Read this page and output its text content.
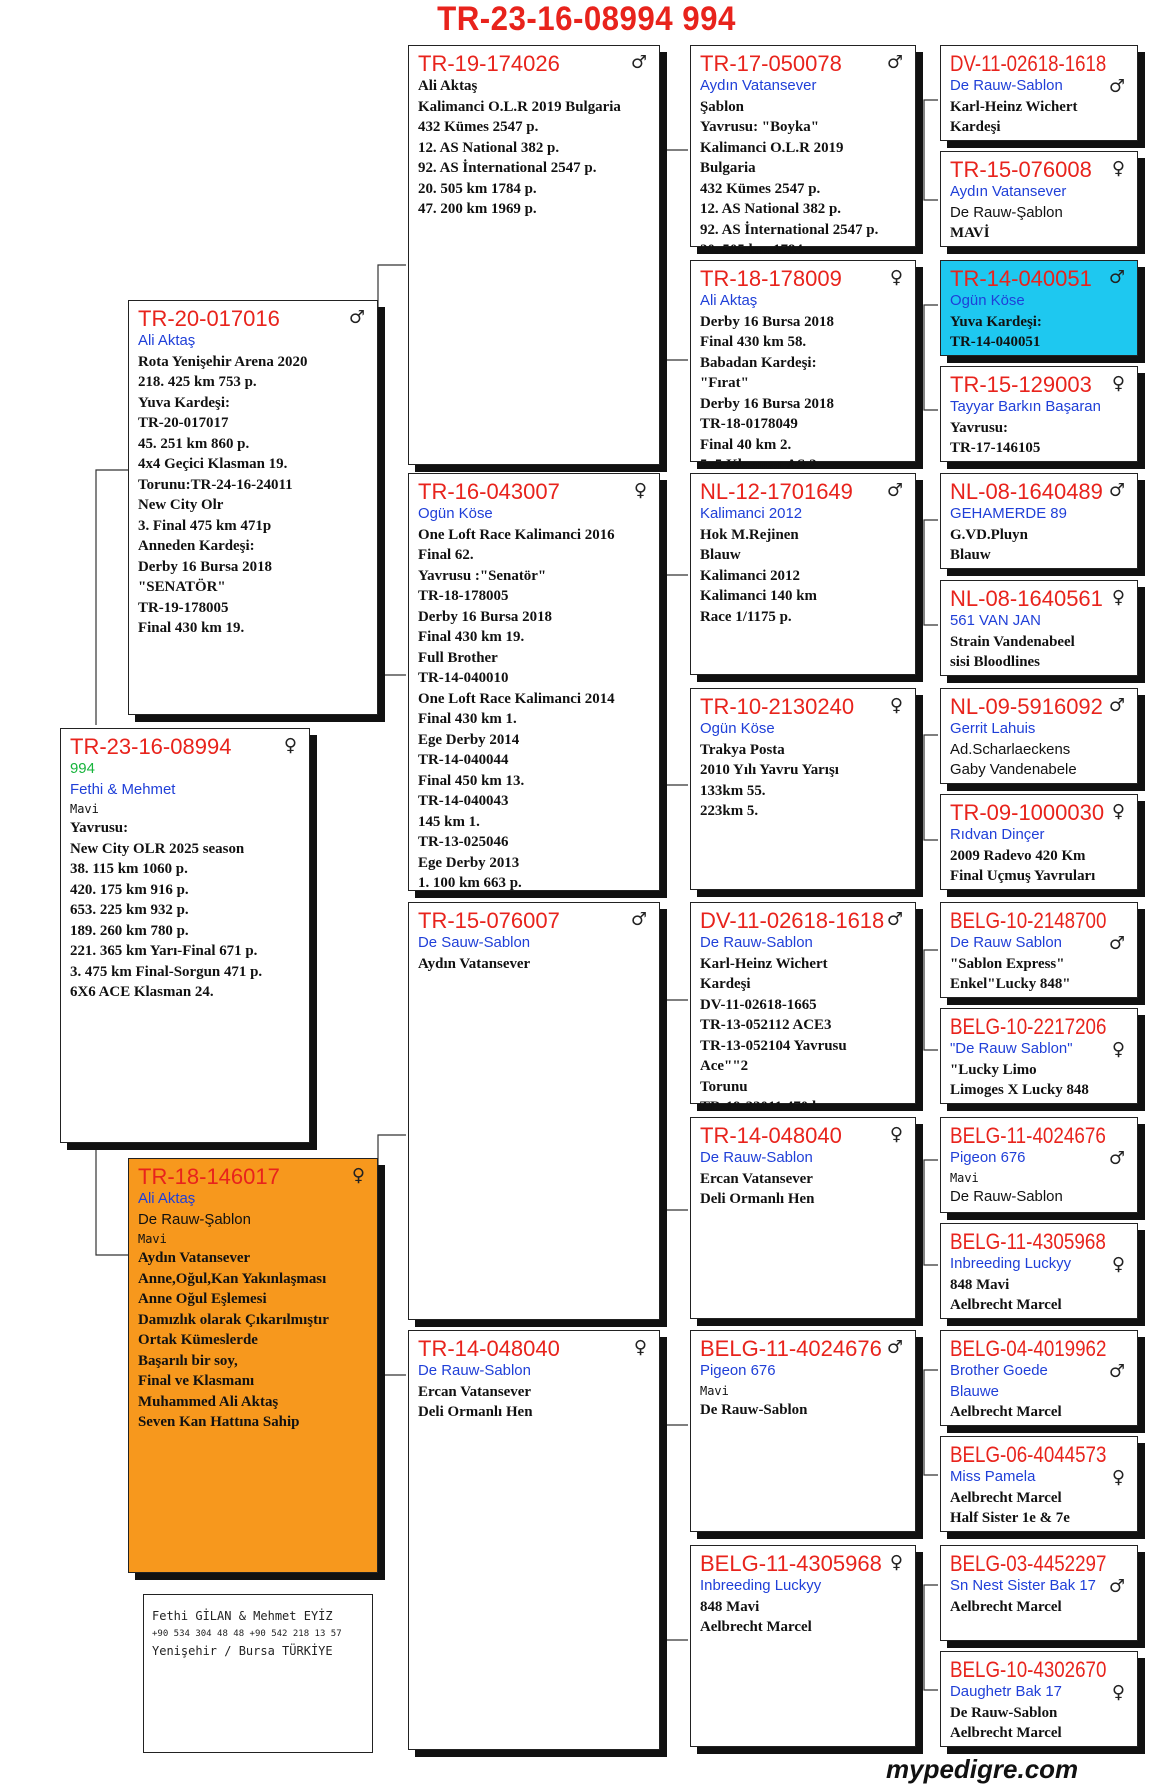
TR-23-16-08994 994
TR-23-16-08994	♀
994
Fethi & Mehmet
Mavi
Yavrusu:
New City OLR 2025 season
38. 115 km 1060 p.
420. 175 km 916 p.
653. 225 km 932 p.
189. 260 km 780 p.
221. 365 km Yarı-Final 671 p.
3. 475 km Final-Sorgun 471 p.
6X6 ACE Klasman 24.
TR-20-017016	♂
Ali Aktaş
Rota Yenişehir Arena 2020
218. 425 km 753 p.
Yuva Kardeşi:
TR-20-017017
45. 251 km 860 p.
4x4 Geçici Klasman 19.
Torunu:TR-24-16-24011
New City Olr
3. Final 475 km 471p
Anneden Kardeşi:
Derby 16 Bursa 2018
"SENATÖR"
TR-19-178005
Final 430 km 19.
TR-18-146017	♀
Ali Aktaş
De Rauw-Şablon
Mavi
Aydın Vatansever
Anne,Oğul,Kan Yakınlaşması
Anne Oğul Eşlemesi
Damızlık olarak Çıkarılmıştır
Ortak Kümeslerde
Başarılı bir soy,
Final ve Klasmanı
Muhammed Ali Aktaş
Seven Kan Hattına Sahip
TR-19-174026	♂
Ali Aktaş
Kalimanci O.L.R 2019 Bulgaria
432 Kümes 2547 p.
12. AS National 382 p.
92. AS İnternational 2547 p.
20. 505 km 1784 p.
47. 200 km 1969 p.
TR-16-043007	♀
Ogün Köse
One Loft Race Kalimanci 2016
Final 62.
Yavrusu :"Senatör"
TR-18-178005
Derby 16 Bursa 2018
Final 430 km 19.
Full Brother
TR-14-040010
One Loft Race Kalimanci 2014
Final 430 km 1.
Ege Derby 2014
TR-14-040044
Final 450 km 13.
TR-14-040043
145 km 1.
TR-13-025046
Ege Derby 2013
1. 100 km 663 p.
TR-15-076007	♂
De Sauw-Sablon
Aydın Vatansever
TR-14-048040	♀
De Rauw-Sablon
Ercan Vatansever
Deli Ormanlı Hen
TR-17-050078 ♂
Aydın Vatansever
Şablon
Yavrusu: "Boyka"
Kalimanci O.L.R 2019
Bulgaria
432 Kümes 2547 p.
12. AS National 382 p.
92. AS İnternational 2547 p.
20. 505 km 1784
TR-18-178009	♀
Ali Aktaş
Derby 16 Bursa 2018
Final 430 km 58.
Babadan Kardeşi:
"Fırat"
Derby 16 Bursa 2018
TR-18-0178049
Final 40 km 2.
5x5 Klasman AS 2
NL-12-1701649 ♂
Kalimanci 2012
Hok M.Rejinen
Blauw
Kalimanci 2012
Kalimanci 140 km
Race 1/1175 p.
TR-10-2130240 ♀
Ogün Köse
Trakya Posta
2010 Yılı Yavru Yarışı
133km 55.
223km 5.
DV-11-02618-1618 ♂
De Rauw-Sablon
Karl-Heinz Wichert
Kardeşi
DV-11-02618-1665
TR-13-052112 ACE3
TR-13-052104 Yavrusu
Ace""2
Torunu
TR-19-23011 470 k
TR-14-048040	♀
De Rauw-Sablon
Ercan Vatansever
Deli Ormanlı Hen
BELG-11-4024676 ♂
Pigeon 676
Mavi
De Rauw-Sablon
BELG-11-4305968 ♀
Inbreeding Luckyy
848 Mavi
Aelbrecht Marcel
DV-11-02618-1618
♂
De Rauw-Sablon
Karl-Heinz Wichert
Kardeşi
TR-15-076008 ♀
Aydın Vatansever
De Rauw-Şablon
MAVİ
TR-14-040051 ♂
Ogün Köse
Yuva Kardeşi:
TR-14-040051
TR-15-129003 ♀
Tayyar Barkın Başaran
Yavrusu:
TR-17-146105
NL-08-1640489 ♂
GEHAMERDE 89
G.VD.Pluyn
Blauw
NL-08-1640561 ♀
561 VAN JAN
Strain Vandenabeel
sisi Bloodlines
NL-09-5916092 ♂
Gerrit Lahuis
Ad.Scharlaeckens
Gaby Vandenabele
TR-09-1000030 ♀
Rıdvan Dinçer
2009 Radevo 420 Km
Final Uçmuş Yavruları
BELG-10-2148700
♂
De Rauw Sablon
"Sablon Express"
Enkel"Lucky 848"
BELG-10-2217206
♀
"De Rauw Sablon"
"Lucky Limo
Limoges X Lucky 848
BELG-11-4024676
♂
Pigeon 676
Mavi
De Rauw-Sablon
BELG-11-4305968
♀
Inbreeding Luckyy
848 Mavi
Aelbrecht Marcel
BELG-04-4019962
♂
Brother Goede
Blauwe
Aelbrecht Marcel
BELG-06-4044573
♀
Miss Pamela
Aelbrecht Marcel
Half Sister 1e & 7e
BELG-03-4452297
♂
Sn Nest Sister Bak 17
Aelbrecht Marcel
BELG-10-4302670
♀
Daughetr Bak 17
De Rauw-Sablon
Aelbrecht Marcel
Fethi GİLAN & Mehmet EYİZ
+90 534 304 48 48 +90 542 218 13 57
Yenişehir / Bursa TÜRKİYE
mypedigre.com
